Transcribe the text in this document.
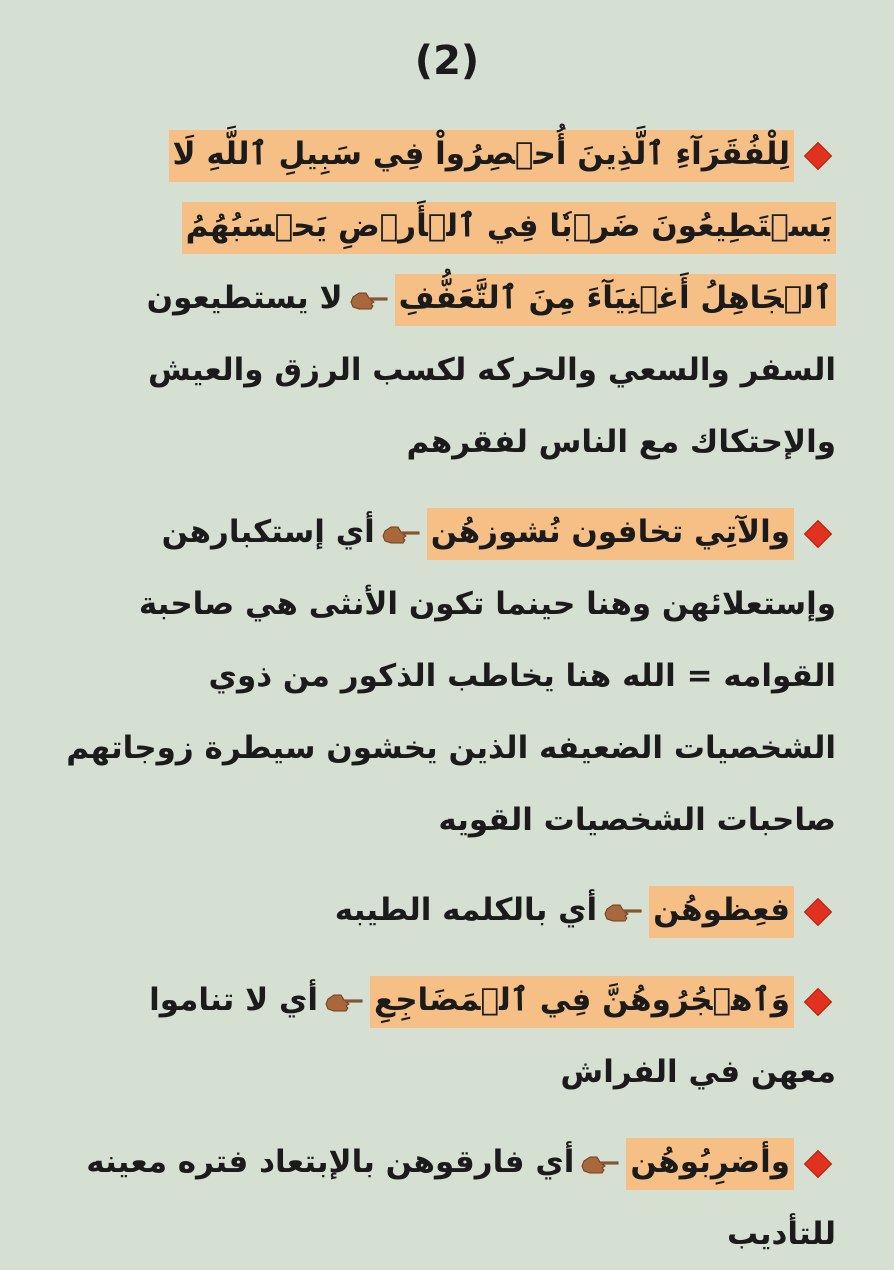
(2)
لِلْفُقَرَآءِ ٱلَّذِينَ أُحۡصِرُواْ فِي سَبِيلِ ٱللَّهِ لَا يَسۡتَطِيعُونَ ضَرۡبٗا فِي ٱلۡأَرۡضِ يَحۡسَبُهُمُ ٱلۡجَاهِلُ أَغۡنِيَآءَ مِنَ ٱلتَّعَفُّفِ
لا يستطيعون السفر والسعي والحركه لكسب الرزق والعيش والإحتكاك مع الناس لفقرهم
والآتِي تخافون نُشوزهُن
أي إستكبارهن وإستعلائهن وهنا حينما تكون الأنثى هي صاحبة القوامه = الله هنا يخاطب الذكور من ذوي الشخصيات الضعيفه الذين يخشون سيطرة زوجاتهم صاحبات الشخصيات القويه
فعِظوهُن
أي بالكلمه الطيبه
وَٱهۡجُرُوهُنَّ فِي ٱلۡمَضَاجِعِ
أي لا تناموا معهن في الفراش
وأضرِبُوهُن
أي فارقوهن بالإبتعاد فتره معينه للتأديب
